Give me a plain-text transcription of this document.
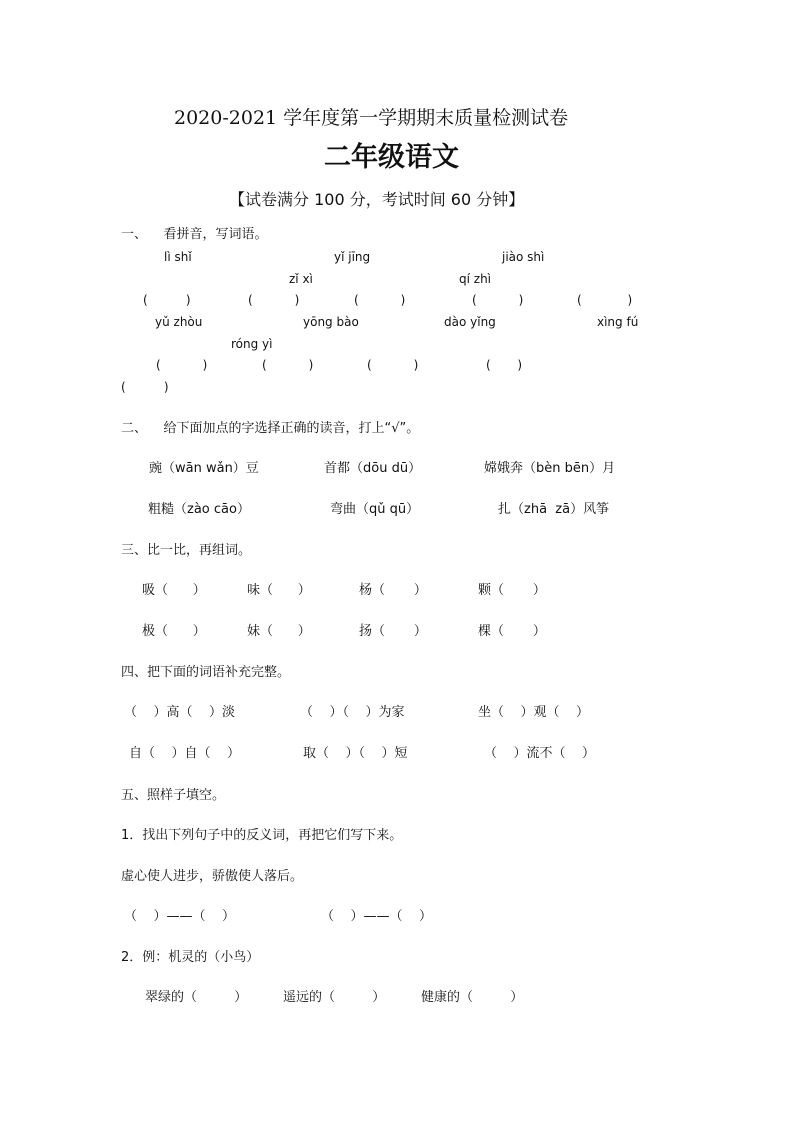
2020-2021 学年度第一学期期末质量检测试卷
二年级语文
【试卷满分 100 分，考试时间 60 分钟】
一、    看拼音，写词语。
lì shǐ	yǐ jīng	jiào shì
zǐ xì	qí zhì
(          )	(           )	(           )	(           )	(            )
yǔ zhòu	yōng bào	dào yǐng	xìng fú
róng yì
(           )	(           )	(           )	(       )
(          )
二、    给下面加点的字选择正确的读音，打上“√”。
豌（wān wǎn）豆	首都（dōu dū）	嫦娥奔（bèn bēn）月
粗糙（zào cāo）	弯曲（qǔ qū）	扎（zhā  zā）风筝
三、比一比，再组词。
吸（      ）	味（      ）	杨（       ）	颗（       ）
极（      ）	妹（      ）	扬（       ）	棵（       ）
四、把下面的词语补充完整。
（    ）高（    ）淡	（    ）（    ）为家	坐（    ）观（    ）
自（    ）自（    ）	取（    ）（    ）短	（    ）流不（    ）
五、照样子填空。
1．找出下列句子中的反义词，再把它们写下来。
虚心使人进步，骄傲使人落后。
（    ）——（    ）	（    ）——（    ）
2．例：机灵的（小鸟）
翠绿的（         ）	遥远的（         ）	健康的（         ）
